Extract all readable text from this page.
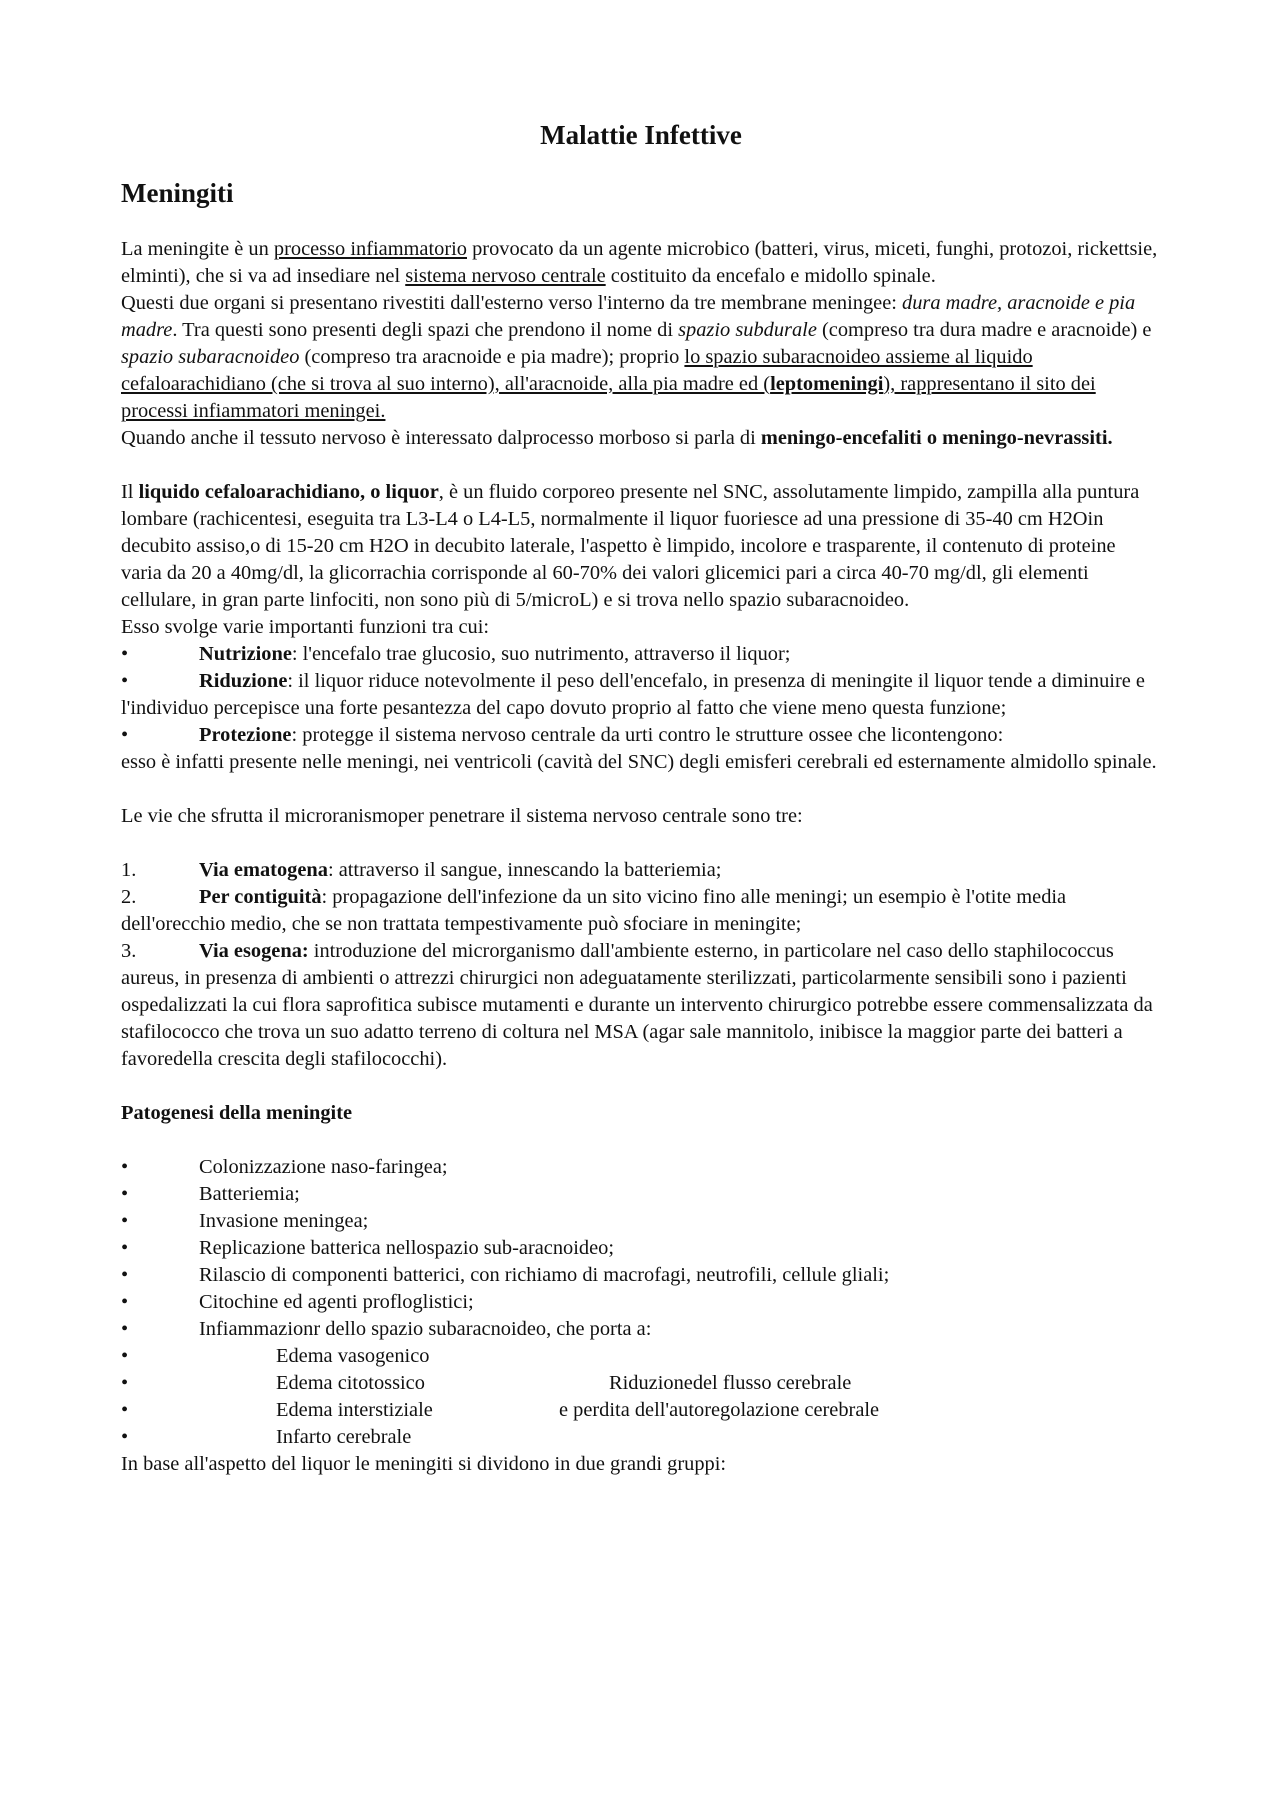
Malattie Infettive
Meningiti

La meningite è un processo infiammatorio provocato da un agente microbico (batteri, virus, miceti, funghi, protozoi, rickettsie, elminti), che si va ad insediare nel sistema nervoso centrale costituito da encefalo e midollo spinale.

Questi due organi si presentano rivestiti dall'esterno verso l'interno da tre membrane meningee: dura madre, aracnoide e pia madre. Tra questi sono presenti degli spazi che prendono il nome di spazio subdurale (compreso tra dura madre e aracnoide) e spazio subaracnoideo (compreso tra aracnoide e pia madre); proprio lo spazio subaracnoideo assieme al liquido cefaloarachidiano (che si trova al suo interno), all'aracnoide, alla pia madre ed (leptomeningi), rappresentano il sito dei processi infiammatori meningei.

Quando anche il tessuto nervoso è interessato dalprocesso morboso si parla di meningo-encefaliti o meningo-nevrassiti.

Il liquido cefaloarachidiano, o liquor, è un fluido corporeo presente nel SNC, assolutamente limpido, zampilla alla puntura lombare (rachicentesi, eseguita tra L3-L4 o L4-L5, normalmente il liquor fuoriesce ad una pressione di 35-40 cm H2Oin decubito assiso,o di 15-20 cm H2O in decubito laterale, l'aspetto è limpido, incolore e trasparente, il contenuto di proteine varia da 20 a 40mg/dl, la glicorrachia corrisponde al 60-70% dei valori glicemici pari a circa 40-70 mg/dl, gli elementi cellulare, in gran parte linfociti, non sono più di 5/microL) e si trova nello spazio subaracnoideo.

Esso svolge varie importanti funzioni tra cui:

•	Nutrizione: l'encefalo trae glucosio, suo nutrimento, attraverso il liquor;

•	Riduzione: il liquor riduce notevolmente il peso dell'encefalo, in presenza di meningite il liquor tende a diminuire e l'individuo percepisce una forte pesantezza del capo dovuto proprio al fatto che viene meno questa funzione;

•	Protezione: protegge il sistema nervoso centrale da urti contro le strutture ossee che licontengono:

esso è infatti presente nelle meningi, nei ventricoli (cavità del SNC) degli emisferi cerebrali ed esternamente almidollo spinale.

Le vie che sfrutta il microranismoper penetrare il sistema nervoso centrale sono tre:

1.	Via ematogena: attraverso il sangue, innescando la batteriemia;

2.	Per contiguità: propagazione dell'infezione da un sito vicino fino alle meningi; un esempio è l'otite media dell'orecchio medio, che se non trattata tempestivamente può sfociare in meningite;

3.	Via esogena: introduzione del microrganismo dall'ambiente esterno, in particolare nel caso dello staphilococcus aureus, in presenza di ambienti o attrezzi chirurgici non adeguatamente sterilizzati, particolarmente sensibili sono i pazienti ospedalizzati la cui flora saprofitica subisce mutamenti e durante un intervento chirurgico potrebbe essere commensalizzata da stafilococco che trova un suo adatto terreno di coltura nel MSA (agar sale mannitolo, inibisce la maggior parte dei batteri a favoredella crescita degli stafilococchi).

Patogenesi della meningite

•	Colonizzazione naso-faringea;

•	Batteriemia;

•	Invasione meningea;

•	Replicazione batterica nellospazio sub-aracnoideo;

•	Rilascio di componenti batterici, con richiamo di macrofagi, neutrofili, cellule gliali;

•	Citochine ed agenti profloglistici;

•	Infiammazionr dello spazio subaracnoideo, che porta a:

•	Edema vasogenico

•	Edema citotossico	Riduzionedel flusso cerebrale

•	Edema interstiziale	e perdita dell'autoregolazione cerebrale

•	Infarto cerebrale

In base all'aspetto del liquor le meningiti si dividono in due grandi gruppi:
